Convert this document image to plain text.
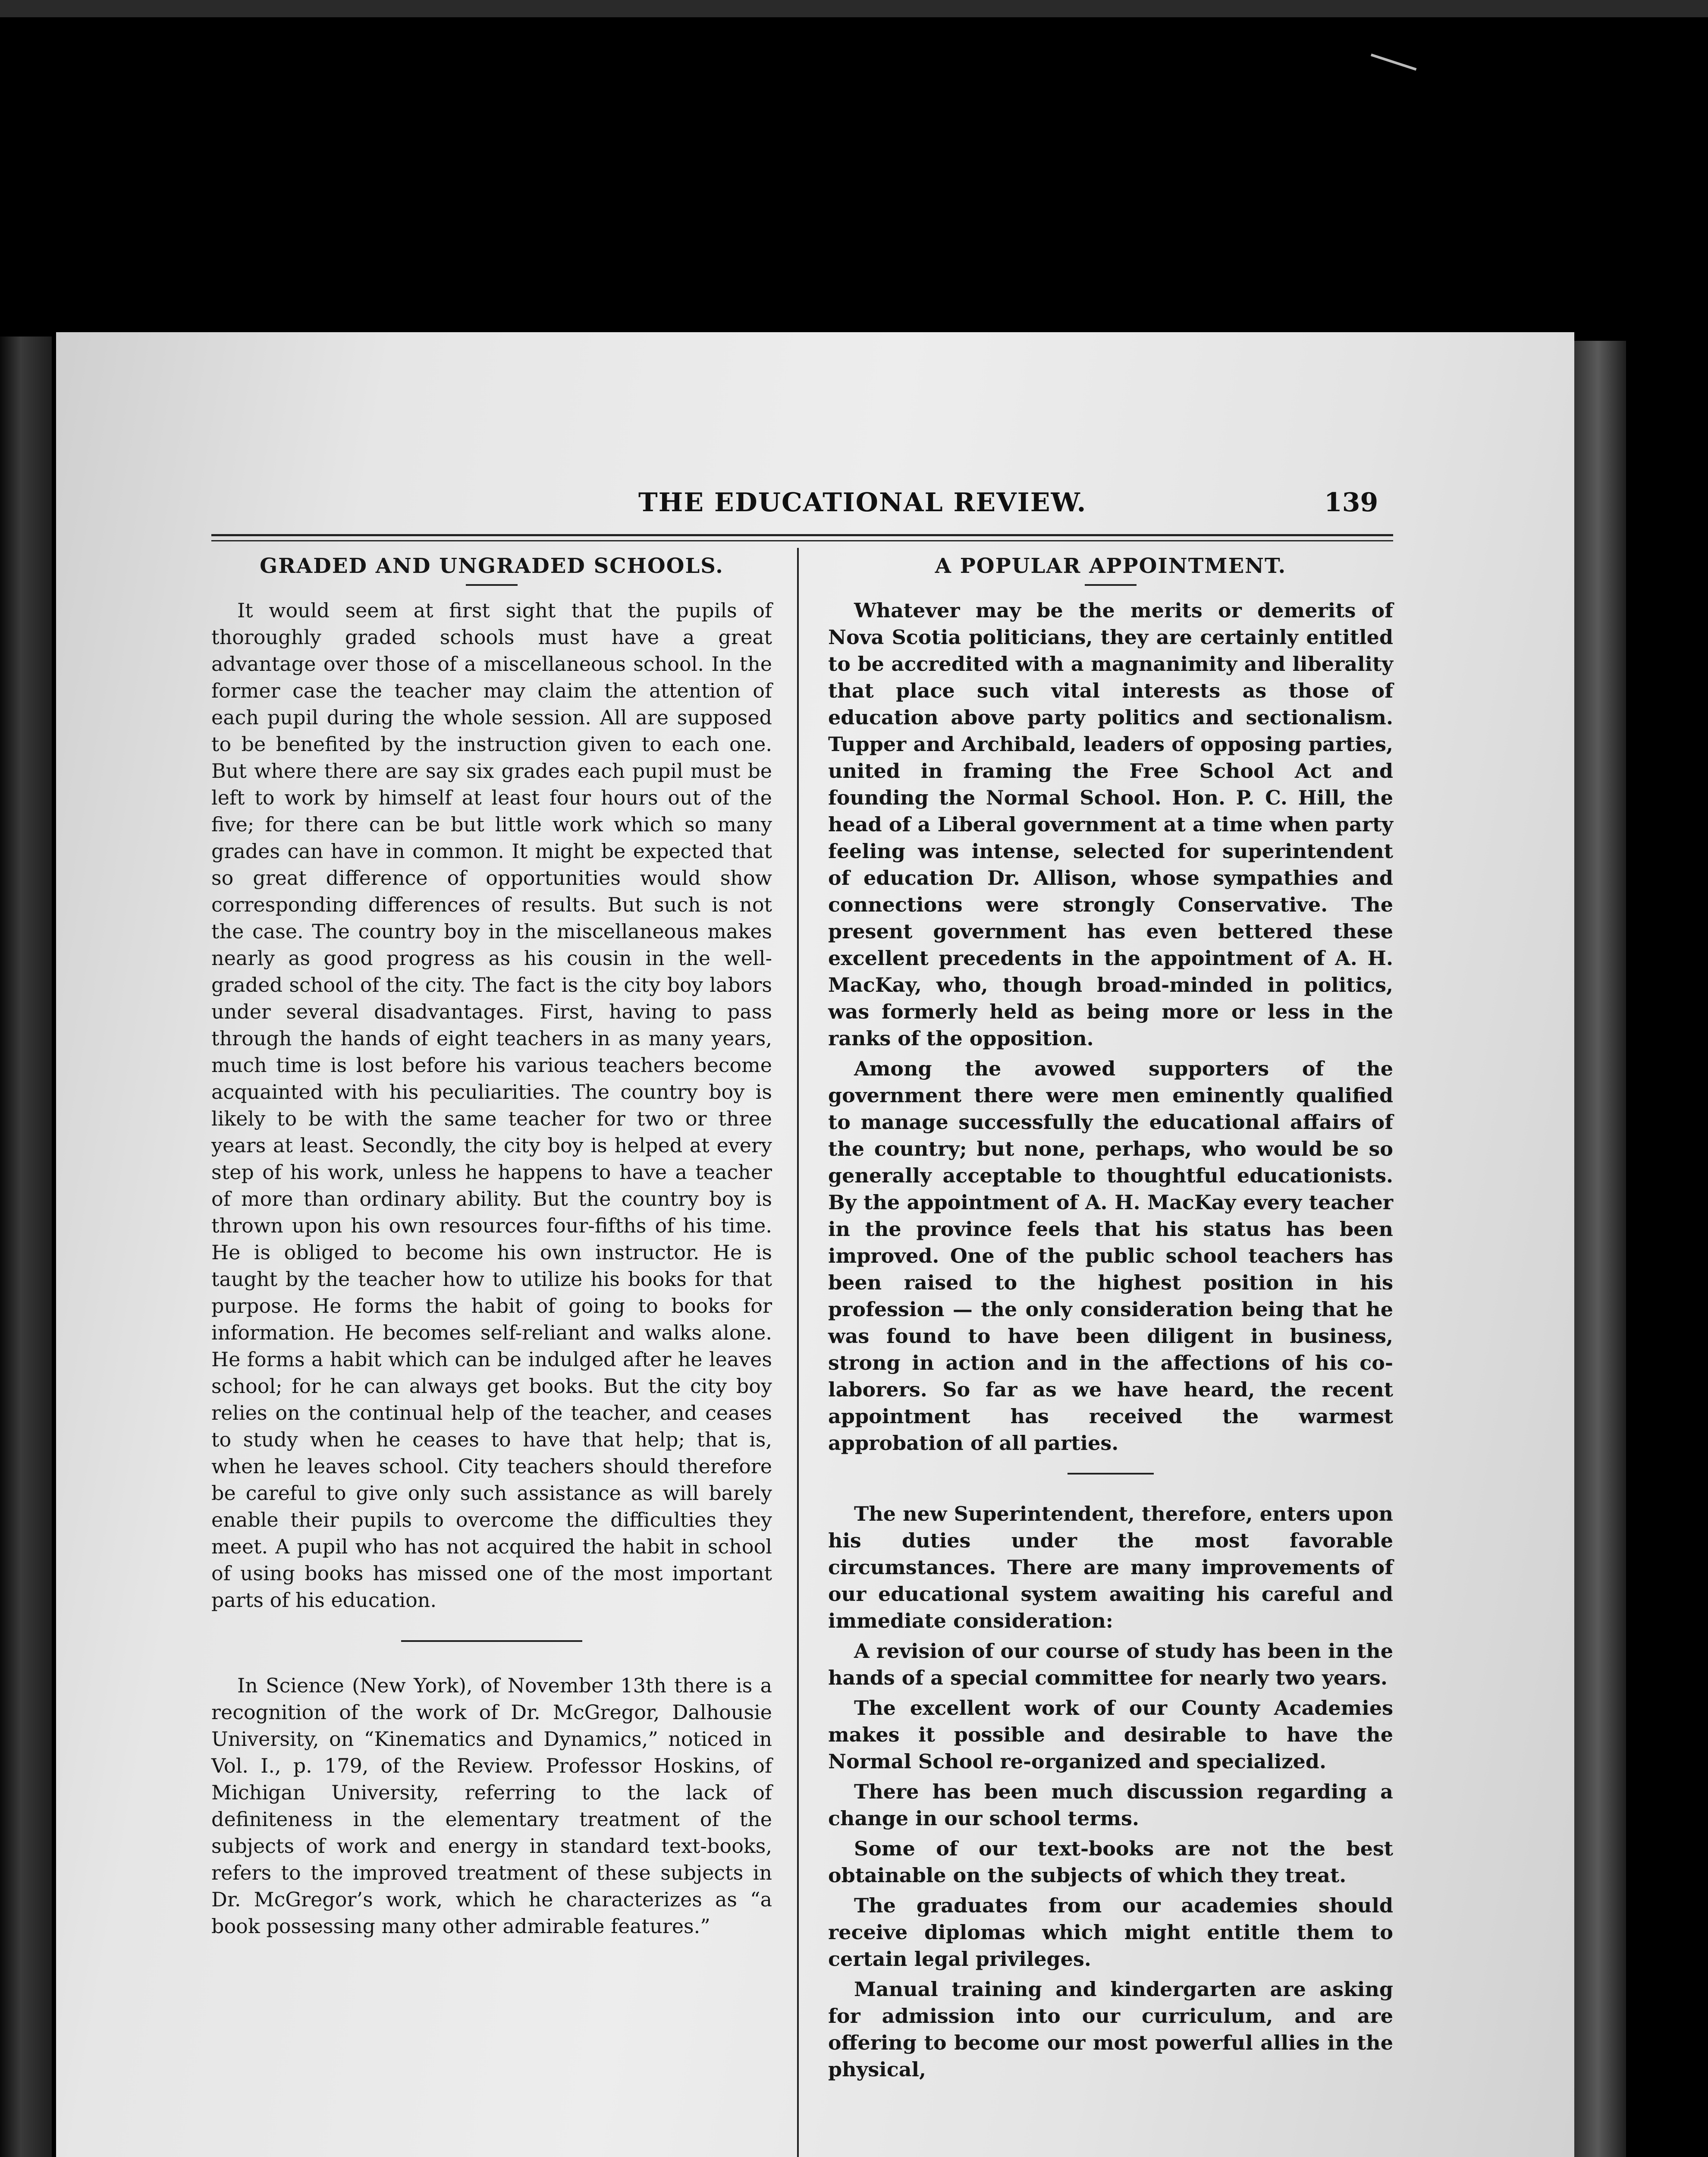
THE EDUCATIONAL REVIEW.	139
GRADED AND UNGRADED SCHOOLS.

It would seem at first sight that the pupils of thoroughly graded schools must have a great advantage over those of a miscellaneous school. In the former case the teacher may claim the attention of each pupil during the whole session. All are supposed to be benefited by the instruction given to each one. But where there are say six grades each pupil must be left to work by himself at least four hours out of the five; for there can be but little work which so many grades can have in common. It might be expected that so great difference of opportunities would show corresponding differences of results. But such is not the case. The country boy in the miscellaneous makes nearly as good progress as his cousin in the well-graded school of the city. The fact is the city boy labors under several disadvantages. First, having to pass through the hands of eight teachers in as many years, much time is lost before his various teachers become acquainted with his peculiarities. The country boy is likely to be with the same teacher for two or three years at least. Secondly, the city boy is helped at every step of his work, unless he happens to have a teacher of more than ordinary ability. But the country boy is thrown upon his own resources four-fifths of his time. He is obliged to become his own instructor. He is taught by the teacher how to utilize his books for that purpose. He forms the habit of going to books for information. He becomes self-reliant and walks alone. He forms a habit which can be indulged after he leaves school; for he can always get books. But the city boy relies on the continual help of the teacher, and ceases to study when he ceases to have that help; that is, when he leaves school. City teachers should therefore be careful to give only such assistance as will barely enable their pupils to overcome the difficulties they meet. A pupil who has not acquired the habit in school of using books has missed one of the most important parts of his education.

In Science (New York), of November 13th there is a recognition of the work of Dr. McGregor, Dalhousie University, on “Kinematics and Dynamics,” noticed in Vol. I., p. 179, of the Review. Professor Hoskins, of Michigan University, referring to the lack of definiteness in the elementary treatment of the subjects of work and energy in standard text-books, refers to the improved treatment of these subjects in Dr. McGregor’s work, which he characterizes as “a book possessing many other admirable features.”

A POPULAR APPOINTMENT.

Whatever may be the merits or demerits of Nova Scotia politicians, they are certainly entitled to be accredited with a magnanimity and liberality that place such vital interests as those of education above party politics and sectionalism. Tupper and Archibald, leaders of opposing parties, united in framing the Free School Act and founding the Normal School. Hon. P. C. Hill, the head of a Liberal government at a time when party feeling was intense, selected for superintendent of education Dr. Allison, whose sympathies and connections were strongly Conservative. The present government has even bettered these excellent precedents in the appointment of A. H. MacKay, who, though broad-minded in politics, was formerly held as being more or less in the ranks of the opposition.

Among the avowed supporters of the government there were men eminently qualified to manage successfully the educational affairs of the country; but none, perhaps, who would be so generally acceptable to thoughtful educationists. By the appointment of A. H. MacKay every teacher in the province feels that his status has been improved. One of the public school teachers has been raised to the highest position in his profession — the only consideration being that he was found to have been diligent in business, strong in action and in the affections of his co-laborers. So far as we have heard, the recent appointment has received the warmest approbation of all parties.

The new Superintendent, therefore, enters upon his duties under the most favorable circumstances. There are many improvements of our educational system awaiting his careful and immediate consideration:

A revision of our course of study has been in the hands of a special committee for nearly two years.

The excellent work of our County Academies makes it possible and desirable to have the Normal School re-organized and specialized.

There has been much discussion regarding a change in our school terms.

Some of our text-books are not the best obtainable on the subjects of which they treat.

The graduates from our academies should receive diplomas which might entitle them to certain legal privileges.

Manual training and kindergarten are asking for admission into our curriculum, and are offering to become our most powerful allies in the physical,
